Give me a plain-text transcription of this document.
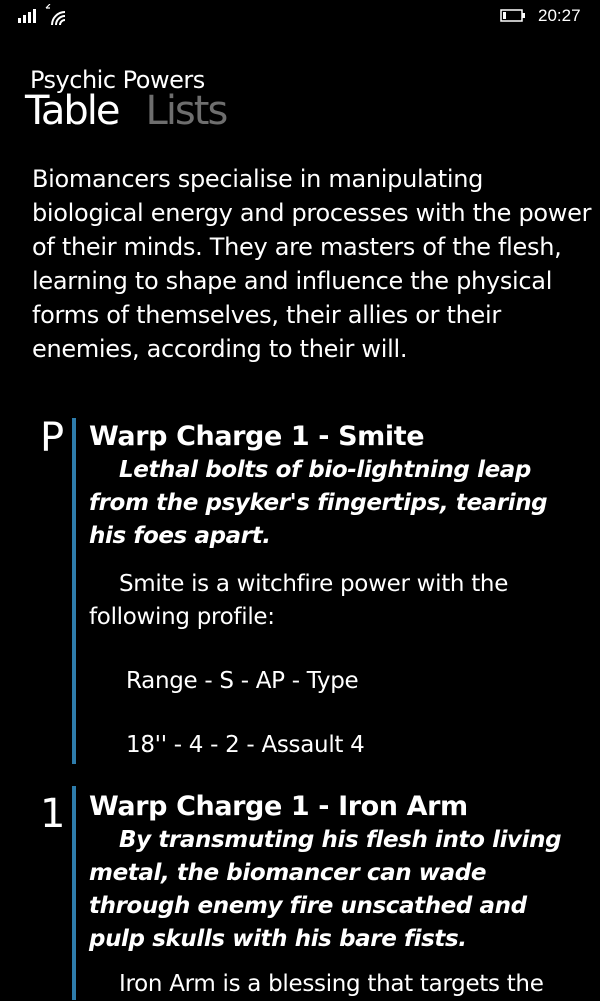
20:27
Psychic Powers
Table Lists

Biomancers specialise in manipulating biological energy and processes with the power of their minds. They are masters of the flesh, learning to shape and influence the physical forms of themselves, their allies or their enemies, according to their will.

P Warp Charge 1 - Smite

Lethal bolts of bio-lightning leap from the psyker's fingertips, tearing his foes apart.

Smite is a witchfire power with the following profile:

Range - S - AP - Type

18'' - 4 - 2 - Assault 4

1 Warp Charge 1 - Iron Arm

By transmuting his flesh into living metal, the biomancer can wade through enemy fire unscathed and pulp skulls with his bare fists.

Iron Arm is a blessing that targets the
